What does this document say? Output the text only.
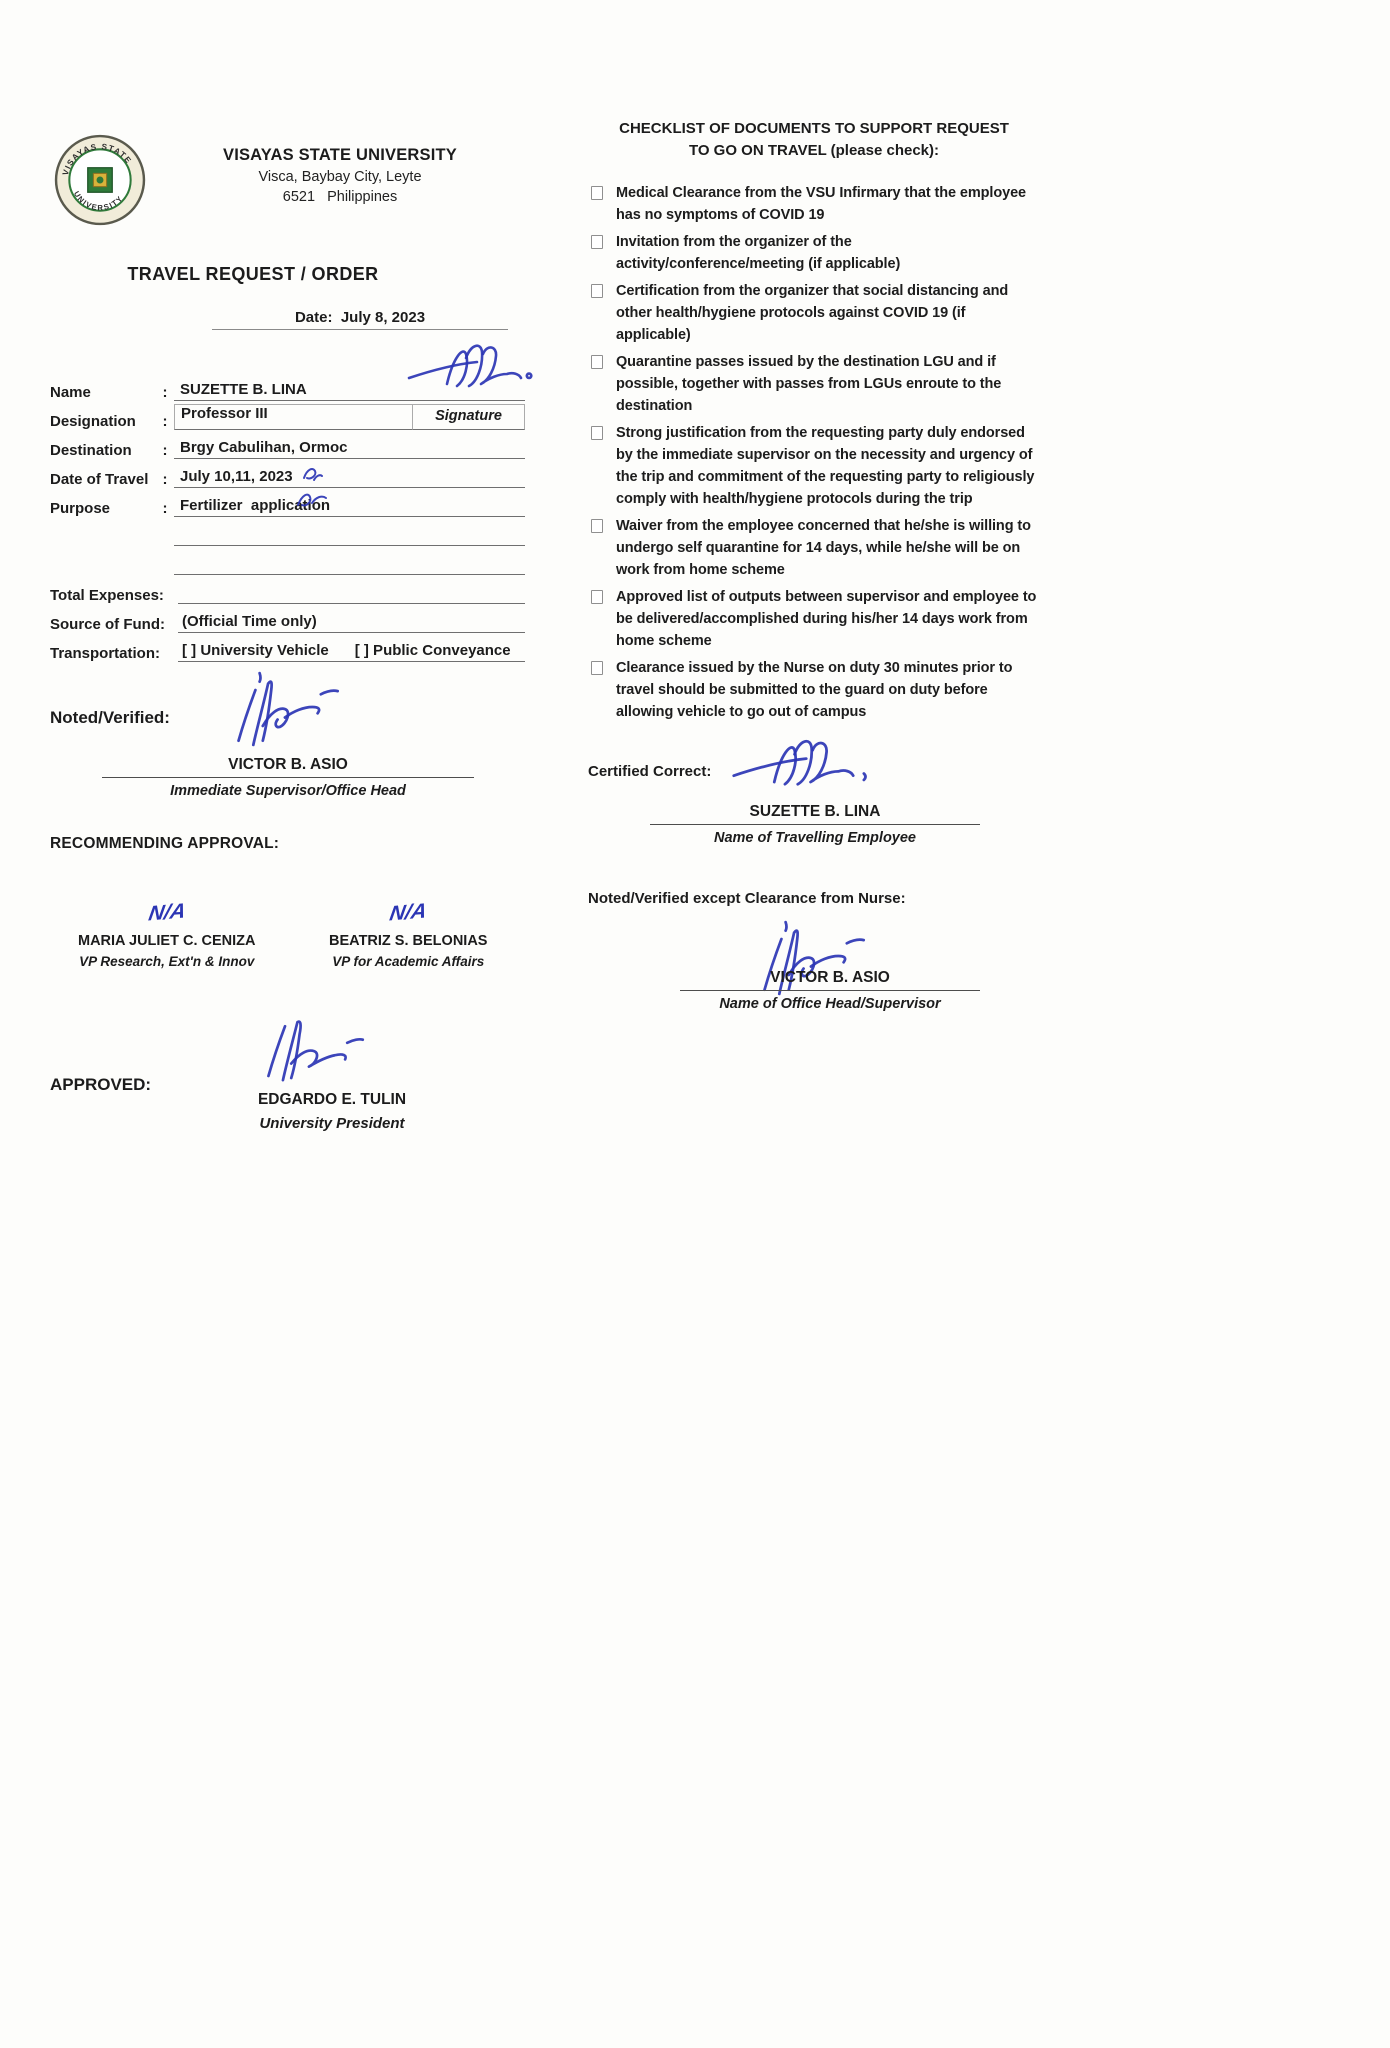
VISAYAS STATE
UNIVERSITY
VISAYAS STATE UNIVERSITY
Visca, Baybay City, Leyte
6521   Philippines
TRAVEL REQUEST / ORDER
Date: July 8, 2023
Name	: SUZETTE B. LINA
Designation	: Professor III	Signature
Destination	: Brgy Cabulihan, Ormoc
Date of Travel : July 10,11, 2023
Purpose	: Fertilizer  application
Total Expenses:
Source of Fund:	(Official Time only)
Transportation:	[ ] University Vehicle [ ] Public Conveyance
Noted/Verified:
VICTOR B. ASIO
Immediate Supervisor/Office Head
RECOMMENDING APPROVAL:
N/A
MARIA JULIET C. CENIZA
VP Research, Ext'n & Innov
N/A
BEATRIZ S. BELONIAS
VP for Academic Affairs
APPROVED:
EDGARDO E. TULIN
University President
CHECKLIST OF DOCUMENTS TO SUPPORT REQUEST
TO GO ON TRAVEL (please check):
Medical Clearance from the VSU Infirmary that the employee has no symptoms of COVID 19
Invitation from the organizer of the activity/conference/meeting (if applicable)
Certification from the organizer that social distancing and other health/hygiene protocols against COVID 19 (if applicable)
Quarantine passes issued by the destination LGU and if possible, together with passes from LGUs enroute to the destination
Strong justification from the requesting party duly endorsed by the immediate supervisor on the necessity and urgency of the trip and commitment of the requesting party to religiously comply with health/hygiene protocols during the trip
Waiver from the employee concerned that he/she is willing to undergo self quarantine for 14 days, while he/she will be on work from home scheme
Approved list of outputs between supervisor and employee to be delivered/accomplished during his/her 14 days work from home scheme
Clearance issued by the Nurse on duty 30 minutes prior to travel should be submitted to the guard on duty before allowing vehicle to go out of campus
Certified Correct:
SUZETTE B. LINA
Name of Travelling Employee
Noted/Verified except Clearance from Nurse:
VICTOR B. ASIO
Name of Office Head/Supervisor
